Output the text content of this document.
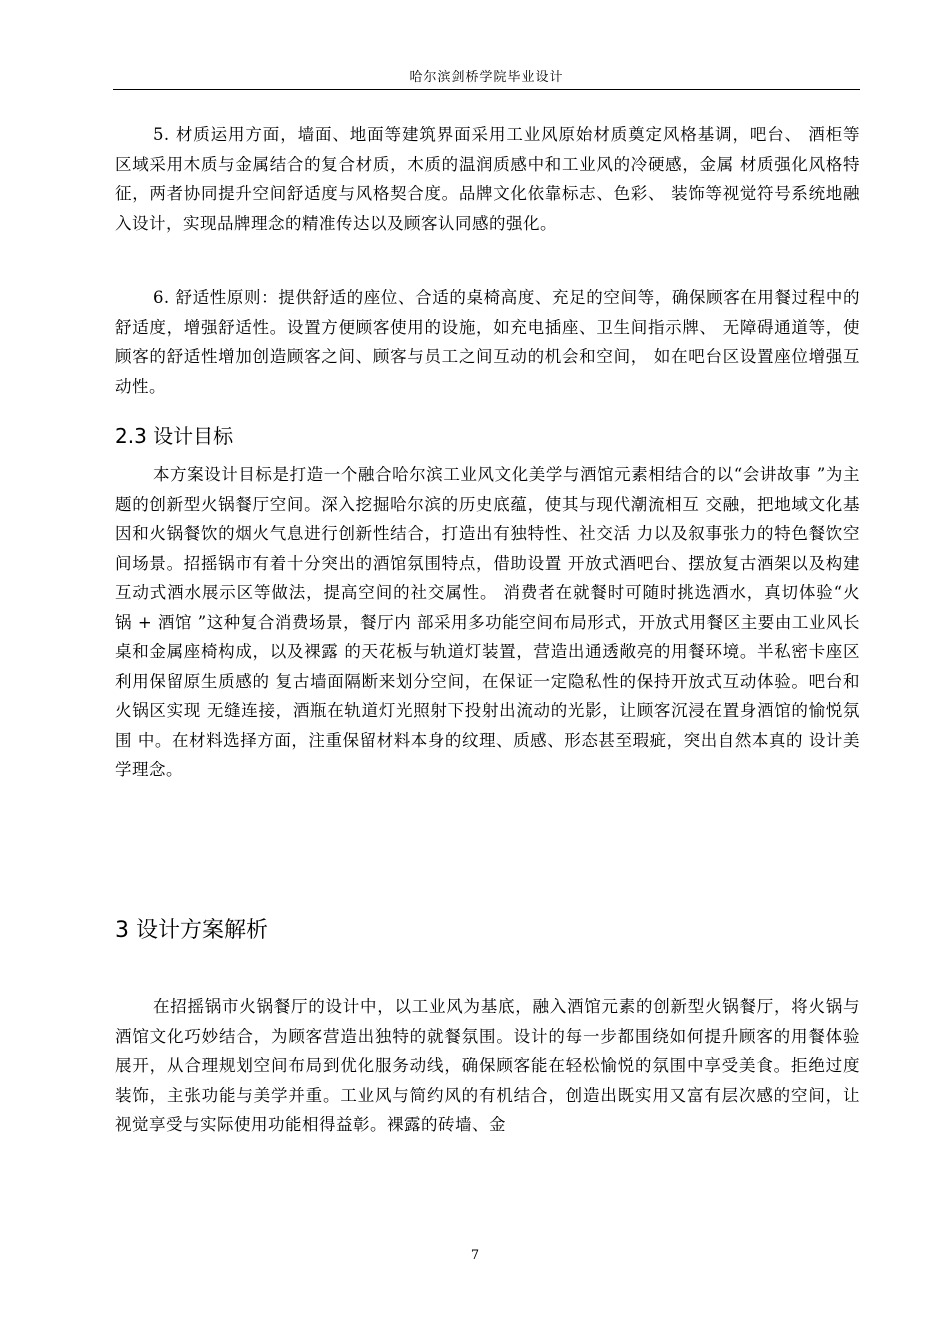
哈尔滨剑桥学院毕业设计

5. 材质运用方面，墙面、地面等建筑界面采用工业风原始材质奠定风格基调，吧台、 酒柜等区域采用木质与金属结合的复合材质，木质的温润质感中和工业风的冷硬感，金属 材质强化风格特征，两者协同提升空间舒适度与风格契合度。品牌文化依靠标志、色彩、 装饰等视觉符号系统地融入设计，实现品牌理念的精准传达以及顾客认同感的强化。

6. 舒适性原则：提供舒适的座位、合适的桌椅高度、充足的空间等，确保顾客在用餐过程中的舒适度，增强舒适性。设置方便顾客使用的设施，如充电插座、卫生间指示牌、 无障碍通道等，使顾客的舒适性增加创造顾客之间、顾客与员工之间互动的机会和空间， 如在吧台区设置座位增强互动性。

2.3 设计目标

本方案设计目标是打造一个融合哈尔滨工业风文化美学与酒馆元素相结合的以“会讲故事 ”为主题的创新型火锅餐厅空间。深入挖掘哈尔滨的历史底蕴，使其与现代潮流相互 交融，把地域文化基因和火锅餐饮的烟火气息进行创新性结合，打造出有独特性、社交活 力以及叙事张力的特色餐饮空间场景。招摇锅市有着十分突出的酒馆氛围特点，借助设置 开放式酒吧台、摆放复古酒架以及构建互动式酒水展示区等做法，提高空间的社交属性。 消费者在就餐时可随时挑选酒水，真切体验“火锅 + 酒馆 ”这种复合消费场景，餐厅内 部采用多功能空间布局形式，开放式用餐区主要由工业风长桌和金属座椅构成，以及裸露 的天花板与轨道灯装置，营造出通透敞亮的用餐环境。半私密卡座区利用保留原生质感的 复古墙面隔断来划分空间，在保证一定隐私性的保持开放式互动体验。吧台和火锅区实现 无缝连接，酒瓶在轨道灯光照射下投射出流动的光影，让顾客沉浸在置身酒馆的愉悦氛围 中。在材料选择方面，注重保留材料本身的纹理、质感、形态甚至瑕疵，突出自然本真的 设计美学理念。

3 设计方案解析

在招摇锅市火锅餐厅的设计中，以工业风为基底，融入酒馆元素的创新型火锅餐厅，将火锅与酒馆文化巧妙结合，为顾客营造出独特的就餐氛围。设计的每一步都围绕如何提升顾客的用餐体验展开，从合理规划空间布局到优化服务动线，确保顾客能在轻松愉悦的氛围中享受美食。拒绝过度装饰，主张功能与美学并重。工业风与简约风的有机结合，创造出既实用又富有层次感的空间，让视觉享受与实际使用功能相得益彰。裸露的砖墙、金

7
